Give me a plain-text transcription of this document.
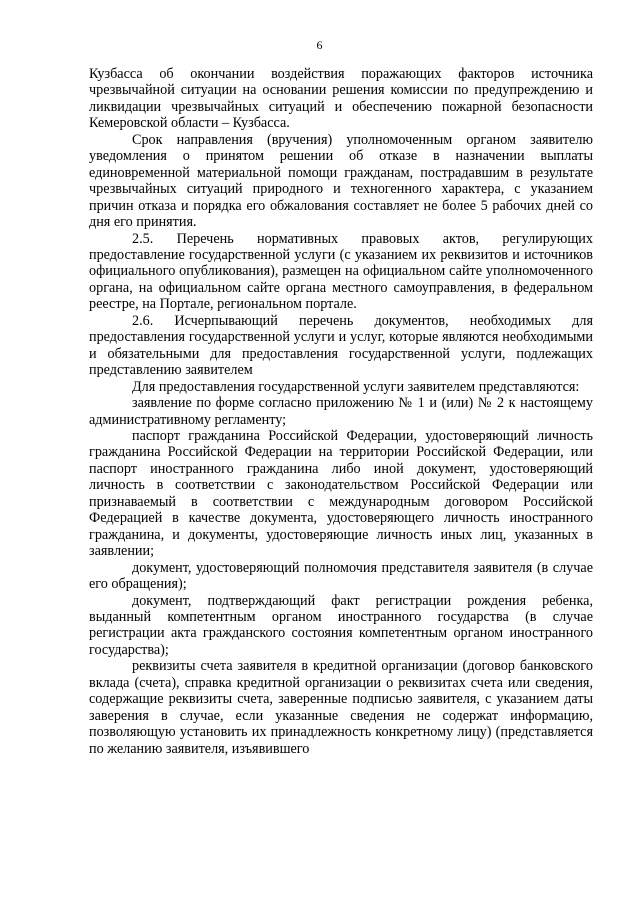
6

Кузбасса об окончании воздействия поражающих факторов источника чрезвычайной ситуации на основании решения комиссии по предупреждению и ликвидации чрезвычайных ситуаций и обеспечению пожарной безопасности Кемеровской области – Кузбасса.

Срок направления (вручения) уполномоченным органом заявителю уведомления о принятом решении об отказе в назначении выплаты единовременной материальной помощи гражданам, пострадавшим в результате чрезвычайных ситуаций природного и техногенного характера, с указанием причин отказа и порядка его обжалования составляет не более 5 рабочих дней со дня его принятия.

2.5. Перечень нормативных правовых актов, регулирующих предоставление государственной услуги (с указанием их реквизитов и источников официального опубликования), размещен на официальном сайте уполномоченного органа, на официальном сайте органа местного самоуправления, в федеральном реестре, на Портале, региональном портале.

2.6. Исчерпывающий перечень документов, необходимых для предоставления государственной услуги и услуг, которые являются необходимыми и обязательными для предоставления государственной услуги, подлежащих представлению заявителем

Для предоставления государственной услуги заявителем представляются:

заявление по форме согласно приложению № 1 и (или) № 2 к настоящему административному регламенту;

паспорт гражданина Российской Федерации, удостоверяющий личность гражданина Российской Федерации на территории Российской Федерации, или паспорт иностранного гражданина либо иной документ, удостоверяющий личность в соответствии с законодательством Российской Федерации или признаваемый в соответствии с международным договором Российской Федерацией в качестве документа, удостоверяющего личность иностранного гражданина, и документы, удостоверяющие личность иных лиц, указанных в заявлении;

документ, удостоверяющий полномочия представителя заявителя (в случае его обращения);

документ, подтверждающий факт регистрации рождения ребенка, выданный компетентным органом иностранного государства (в случае регистрации акта гражданского состояния компетентным органом иностранного государства);

реквизиты счета заявителя в кредитной организации (договор банковского вклада (счета), справка кредитной организации о реквизитах счета или сведения, содержащие реквизиты счета, заверенные подписью заявителя, с указанием даты заверения в случае, если указанные сведения не содержат информацию, позволяющую установить их принадлежность конкретному лицу) (представляется по желанию заявителя, изъявившего
